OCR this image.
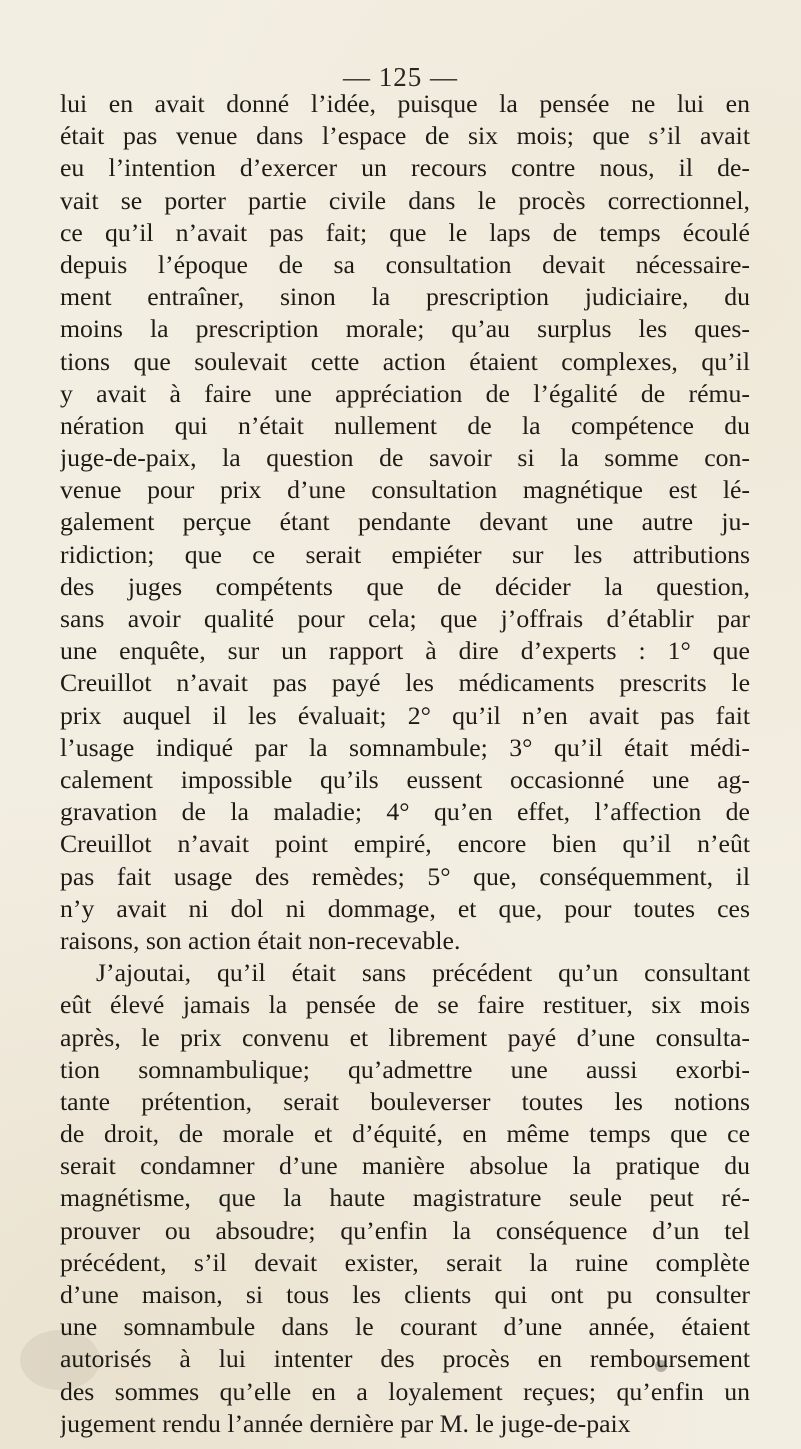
— 125 —
lui en avait donné l’idée, puisque la pensée ne lui en
était pas venue dans l’espace de six mois; que s’il avait
eu l’intention d’exercer un recours contre nous, il de-
vait se porter partie civile dans le procès correctionnel,
ce qu’il n’avait pas fait; que le laps de temps écoulé
depuis l’époque de sa consultation devait nécessaire-
ment entraîner, sinon la prescription judiciaire, du
moins la prescription morale; qu’au surplus les ques-
tions que soulevait cette action étaient complexes, qu’il
y avait à faire une appréciation de l’égalité de rému-
nération qui n’était nullement de la compétence du
juge-de-paix, la question de savoir si la somme con-
venue pour prix d’une consultation magnétique est lé-
galement perçue étant pendante devant une autre ju-
ridiction; que ce serait empiéter sur les attributions
des juges compétents que de décider la question,
sans avoir qualité pour cela; que j’offrais d’établir par
une enquête, sur un rapport à dire d’experts : 1° que
Creuillot n’avait pas payé les médicaments prescrits le
prix auquel il les évaluait; 2° qu’il n’en avait pas fait
l’usage indiqué par la somnambule; 3° qu’il était médi-
calement impossible qu’ils eussent occasionné une ag-
gravation de la maladie; 4° qu’en effet, l’affection de
Creuillot n’avait point empiré, encore bien qu’il n’eût
pas fait usage des remèdes; 5° que, conséquemment, il
n’y avait ni dol ni dommage, et que, pour toutes ces
raisons, son action était non-recevable.
J’ajoutai, qu’il était sans précédent qu’un consultant
eût élevé jamais la pensée de se faire restituer, six mois
après, le prix convenu et librement payé d’une consulta-
tion somnambulique; qu’admettre une aussi exorbi-
tante prétention, serait bouleverser toutes les notions
de droit, de morale et d’équité, en même temps que ce
serait condamner d’une manière absolue la pratique du
magnétisme, que la haute magistrature seule peut ré-
prouver ou absoudre; qu’enfin la conséquence d’un tel
précédent, s’il devait exister, serait la ruine complète
d’une maison, si tous les clients qui ont pu consulter
une somnambule dans le courant d’une année, étaient
autorisés à lui intenter des procès en remboursement
des sommes qu’elle en a loyalement reçues; qu’enfin un
jugement rendu l’année dernière par M. le juge-de-paix
